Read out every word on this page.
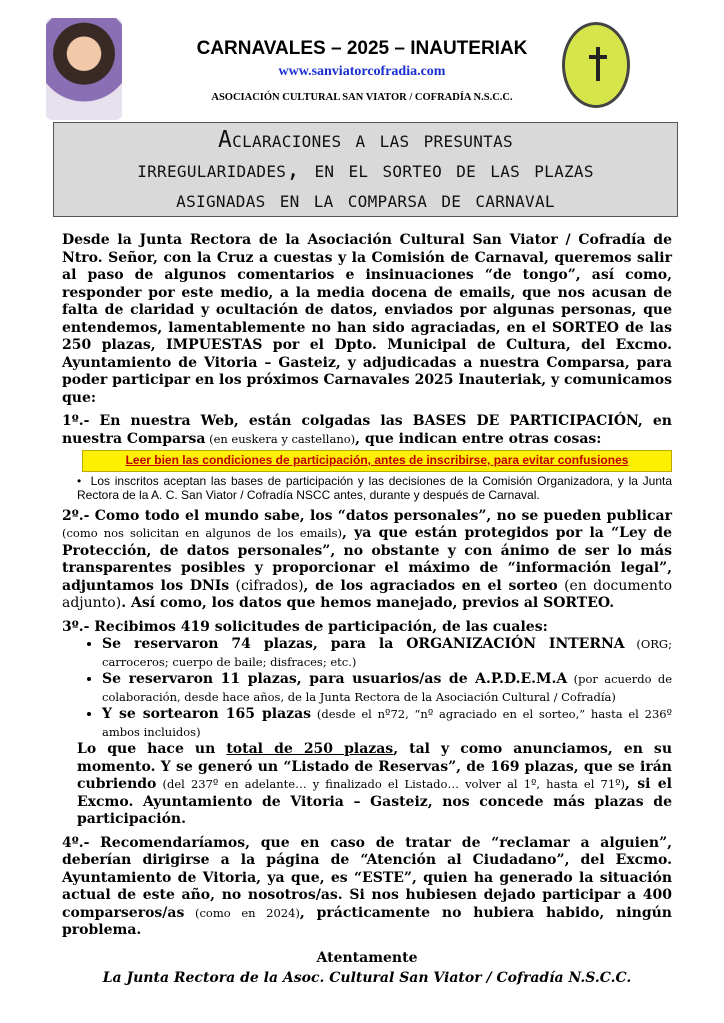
CARNAVALES – 2025 – INAUTERIAK
www.sanviatorcofradia.com
ASOCIACIÓN CULTURAL SAN VIATOR / COFRADÍA N.S.C.C.
Aclaraciones a las presuntas
irregularidades, en el sorteo de las plazas
asignadas en la comparsa de carnaval

Desde la Junta Rectora de la Asociación Cultural San Viator / Cofradía de Ntro. Señor, con la Cruz a cuestas y la Comisión de Carnaval, queremos salir al paso de algunos comentarios e insinuaciones “de tongo”, así como, responder por este medio, a la media docena de emails, que nos acusan de falta de claridad y ocultación de datos, enviados por algunas personas, que entendemos, lamentablemente no han sido agraciadas, en el SORTEO de las 250 plazas, IMPUESTAS por el Dpto. Municipal de Cultura, del Excmo. Ayuntamiento de Vitoria – Gasteiz, y adjudicadas a nuestra Comparsa, para poder participar en los próximos Carnavales 2025 Inauteriak, y comunicamos que:

1º.- En nuestra Web, están colgadas las BASES DE PARTICIPACIÓN, en nuestra Comparsa (en euskera y castellano), que indican entre otras cosas:

Leer bien las condiciones de participación, antes de inscribirse, para evitar confusiones
•  Los inscritos aceptan las bases de participación y las decisiones de la Comisión Organizadora, y la Junta Rectora de la A. C. San Viator / Cofradía NSCC antes, durante y después de Carnaval.

2º.- Como todo el mundo sabe, los “datos personales”, no se pueden publicar (como nos solicitan en algunos de los emails), ya que están protegidos por la “Ley de Protección, de datos personales”, no obstante y con ánimo de ser lo más transparentes posibles y proporcionar el máximo de “información legal”, adjuntamos los DNIs (cifrados), de los agraciados en el sorteo (en documento adjunto). Así como, los datos que hemos manejado, previos al SORTEO.

3º.- Recibimos 419 solicitudes de participación, de las cuales:

• Se reservaron 74 plazas, para la ORGANIZACIÓN INTERNA (ORG; carroceros; cuerpo de baile; disfraces; etc.)
• Se reservaron 11 plazas, para usuarios/as de A.P.D.E.M.A (por acuerdo de colaboración, desde hace años, de la Junta Rectora de la Asociación Cultural / Cofradía)
• Y se sortearon 165 plazas (desde el nº72, “nº agraciado en el sorteo,” hasta el 236º ambos incluidos)

Lo que hace un total de 250 plazas, tal y como anunciamos, en su momento. Y se generó un “Listado de Reservas”, de 169 plazas, que se irán cubriendo (del 237º en adelante… y finalizado el Listado… volver al 1º, hasta el 71º), si el Excmo. Ayuntamiento de Vitoria – Gasteiz, nos concede más plazas de participación.

4º.- Recomendaríamos, que en caso de tratar de “reclamar a alguien”, deberían dirigirse a la página de “Atención al Ciudadano”, del Excmo. Ayuntamiento de Vitoria, ya que, es “ESTE”, quien ha generado la situación actual de este año, no nosotros/as. Si nos hubiesen dejado participar a 400 comparseros/as (como en 2024), prácticamente no hubiera habido, ningún problema.

Atentamente

La Junta Rectora de la Asoc. Cultural San Viator / Cofradía N.S.C.C.
